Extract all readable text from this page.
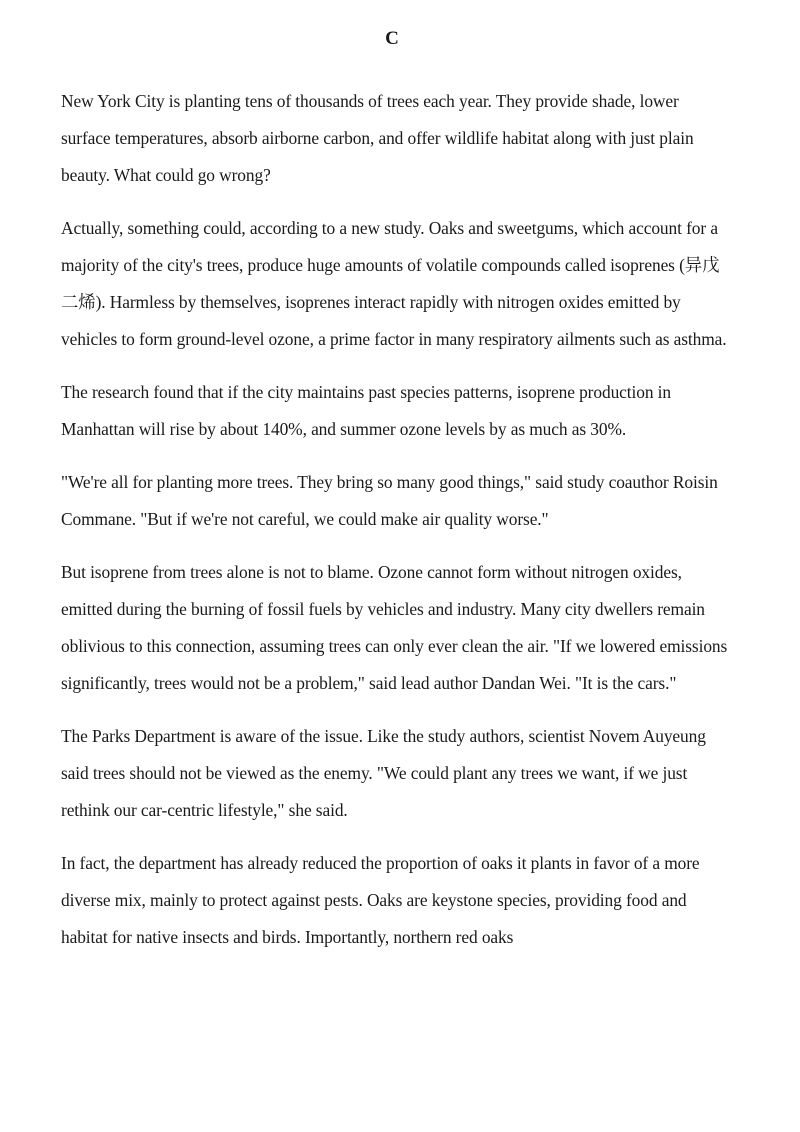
C

New York City is planting tens of thousands of trees each year. They provide shade, lower surface temperatures, absorb airborne carbon, and offer wildlife habitat along with just plain beauty. What could go wrong?

Actually, something could, according to a new study. Oaks and sweetgums, which account for a majority of the city's trees, produce huge amounts of volatile compounds called isoprenes (异戊二烯). Harmless by themselves, isoprenes interact rapidly with nitrogen oxides emitted by vehicles to form ground-level ozone, a prime factor in many respiratory ailments such as asthma.

The research found that if the city maintains past species patterns, isoprene production in Manhattan will rise by about 140%, and summer ozone levels by as much as 30%.

"We're all for planting more trees. They bring so many good things," said study coauthor Roisin Commane. "But if we're not careful, we could make air quality worse."

But isoprene from trees alone is not to blame. Ozone cannot form without nitrogen oxides, emitted during the burning of fossil fuels by vehicles and industry. Many city dwellers remain oblivious to this connection, assuming trees can only ever clean the air. "If we lowered emissions significantly, trees would not be a problem," said lead author Dandan Wei. "It is the cars."

The Parks Department is aware of the issue. Like the study authors, scientist Novem Auyeung said trees should not be viewed as the enemy. "We could plant any trees we want, if we just rethink our car-centric lifestyle," she said.

In fact, the department has already reduced the proportion of oaks it plants in favor of a more diverse mix, mainly to protect against pests. Oaks are keystone species, providing food and habitat for native insects and birds. Importantly, northern red oaks
